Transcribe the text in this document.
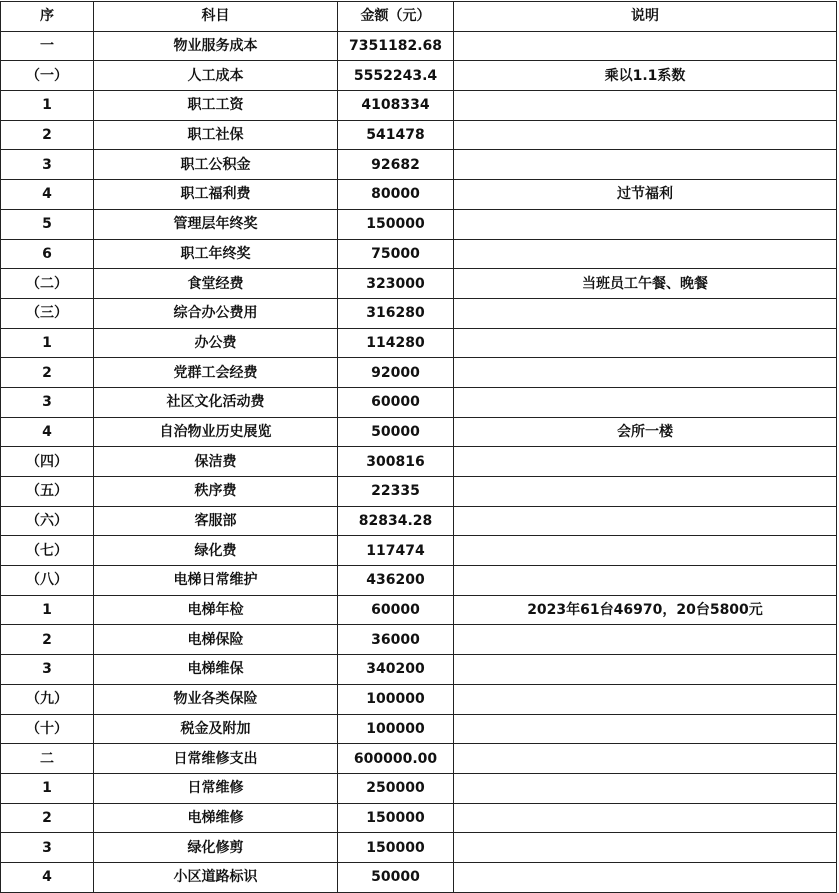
序	科目	金额（元）	说明
一	物业服务成本	7351182.68	
（一）	人工成本	5552243.4	乘以1.1系数
1	职工工资	4108334	
2	职工社保	541478	
3	职工公积金	92682	
4	职工福利费	80000	过节福利
5	管理层年终奖	150000	
6	职工年终奖	75000	
（二）	食堂经费	323000	当班员工午餐、晚餐
（三）	综合办公费用	316280	
1	办公费	114280	
2	党群工会经费	92000	
3	社区文化活动费	60000	
4	自治物业历史展览	50000	会所一楼
（四）	保洁费	300816	
（五）	秩序费	22335	
（六）	客服部	82834.28	
（七）	绿化费	117474	
（八）	电梯日常维护	436200	
1	电梯年检	60000	2023年61台46970，20台5800元
2	电梯保险	36000	
3	电梯维保	340200	
（九）	物业各类保险	100000	
（十）	税金及附加	100000	
二	日常维修支出	600000.00	
1	日常维修	250000	
2	电梯维修	150000	
3	绿化修剪	150000	
4	小区道路标识	50000	
